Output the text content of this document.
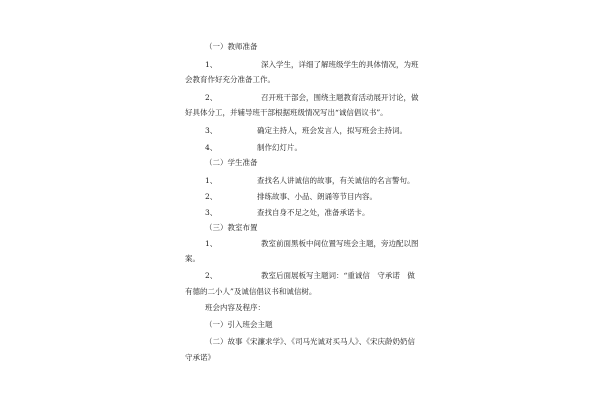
（一）教师准备
1、	深入学生，详细了解班级学生的具体情况，为班
会教育作好充分准备工作。
2、	召开班干部会，围绕主题教育活动展开讨论，做
好具体分工，并辅导班干部根据班级情况写出“诚信倡议书”。
3、	确定主持人，班会发言人，拟写班会主持词。
4、	制作幻灯片。
（二）学生准备
1、	查找名人讲诚信的故事，有关诚信的名言警句。
2、	排练故事、小品、朗诵等节目内容。
3、	查找自身不足之处，准备承诺卡。
（三）教室布置
1、	教室前面黑板中间位置写班会主题，旁边配以图
案。
2、	教室后面展板写主题词：“重诚信　守承诺　做
有德的二小人”及诚信倡议书和诚信树。
班会内容及程序：
（一）引入班会主题
（二）故事《宋濂求学》、《司马光诚对买马人》、《宋庆龄奶奶信
守承诺》
